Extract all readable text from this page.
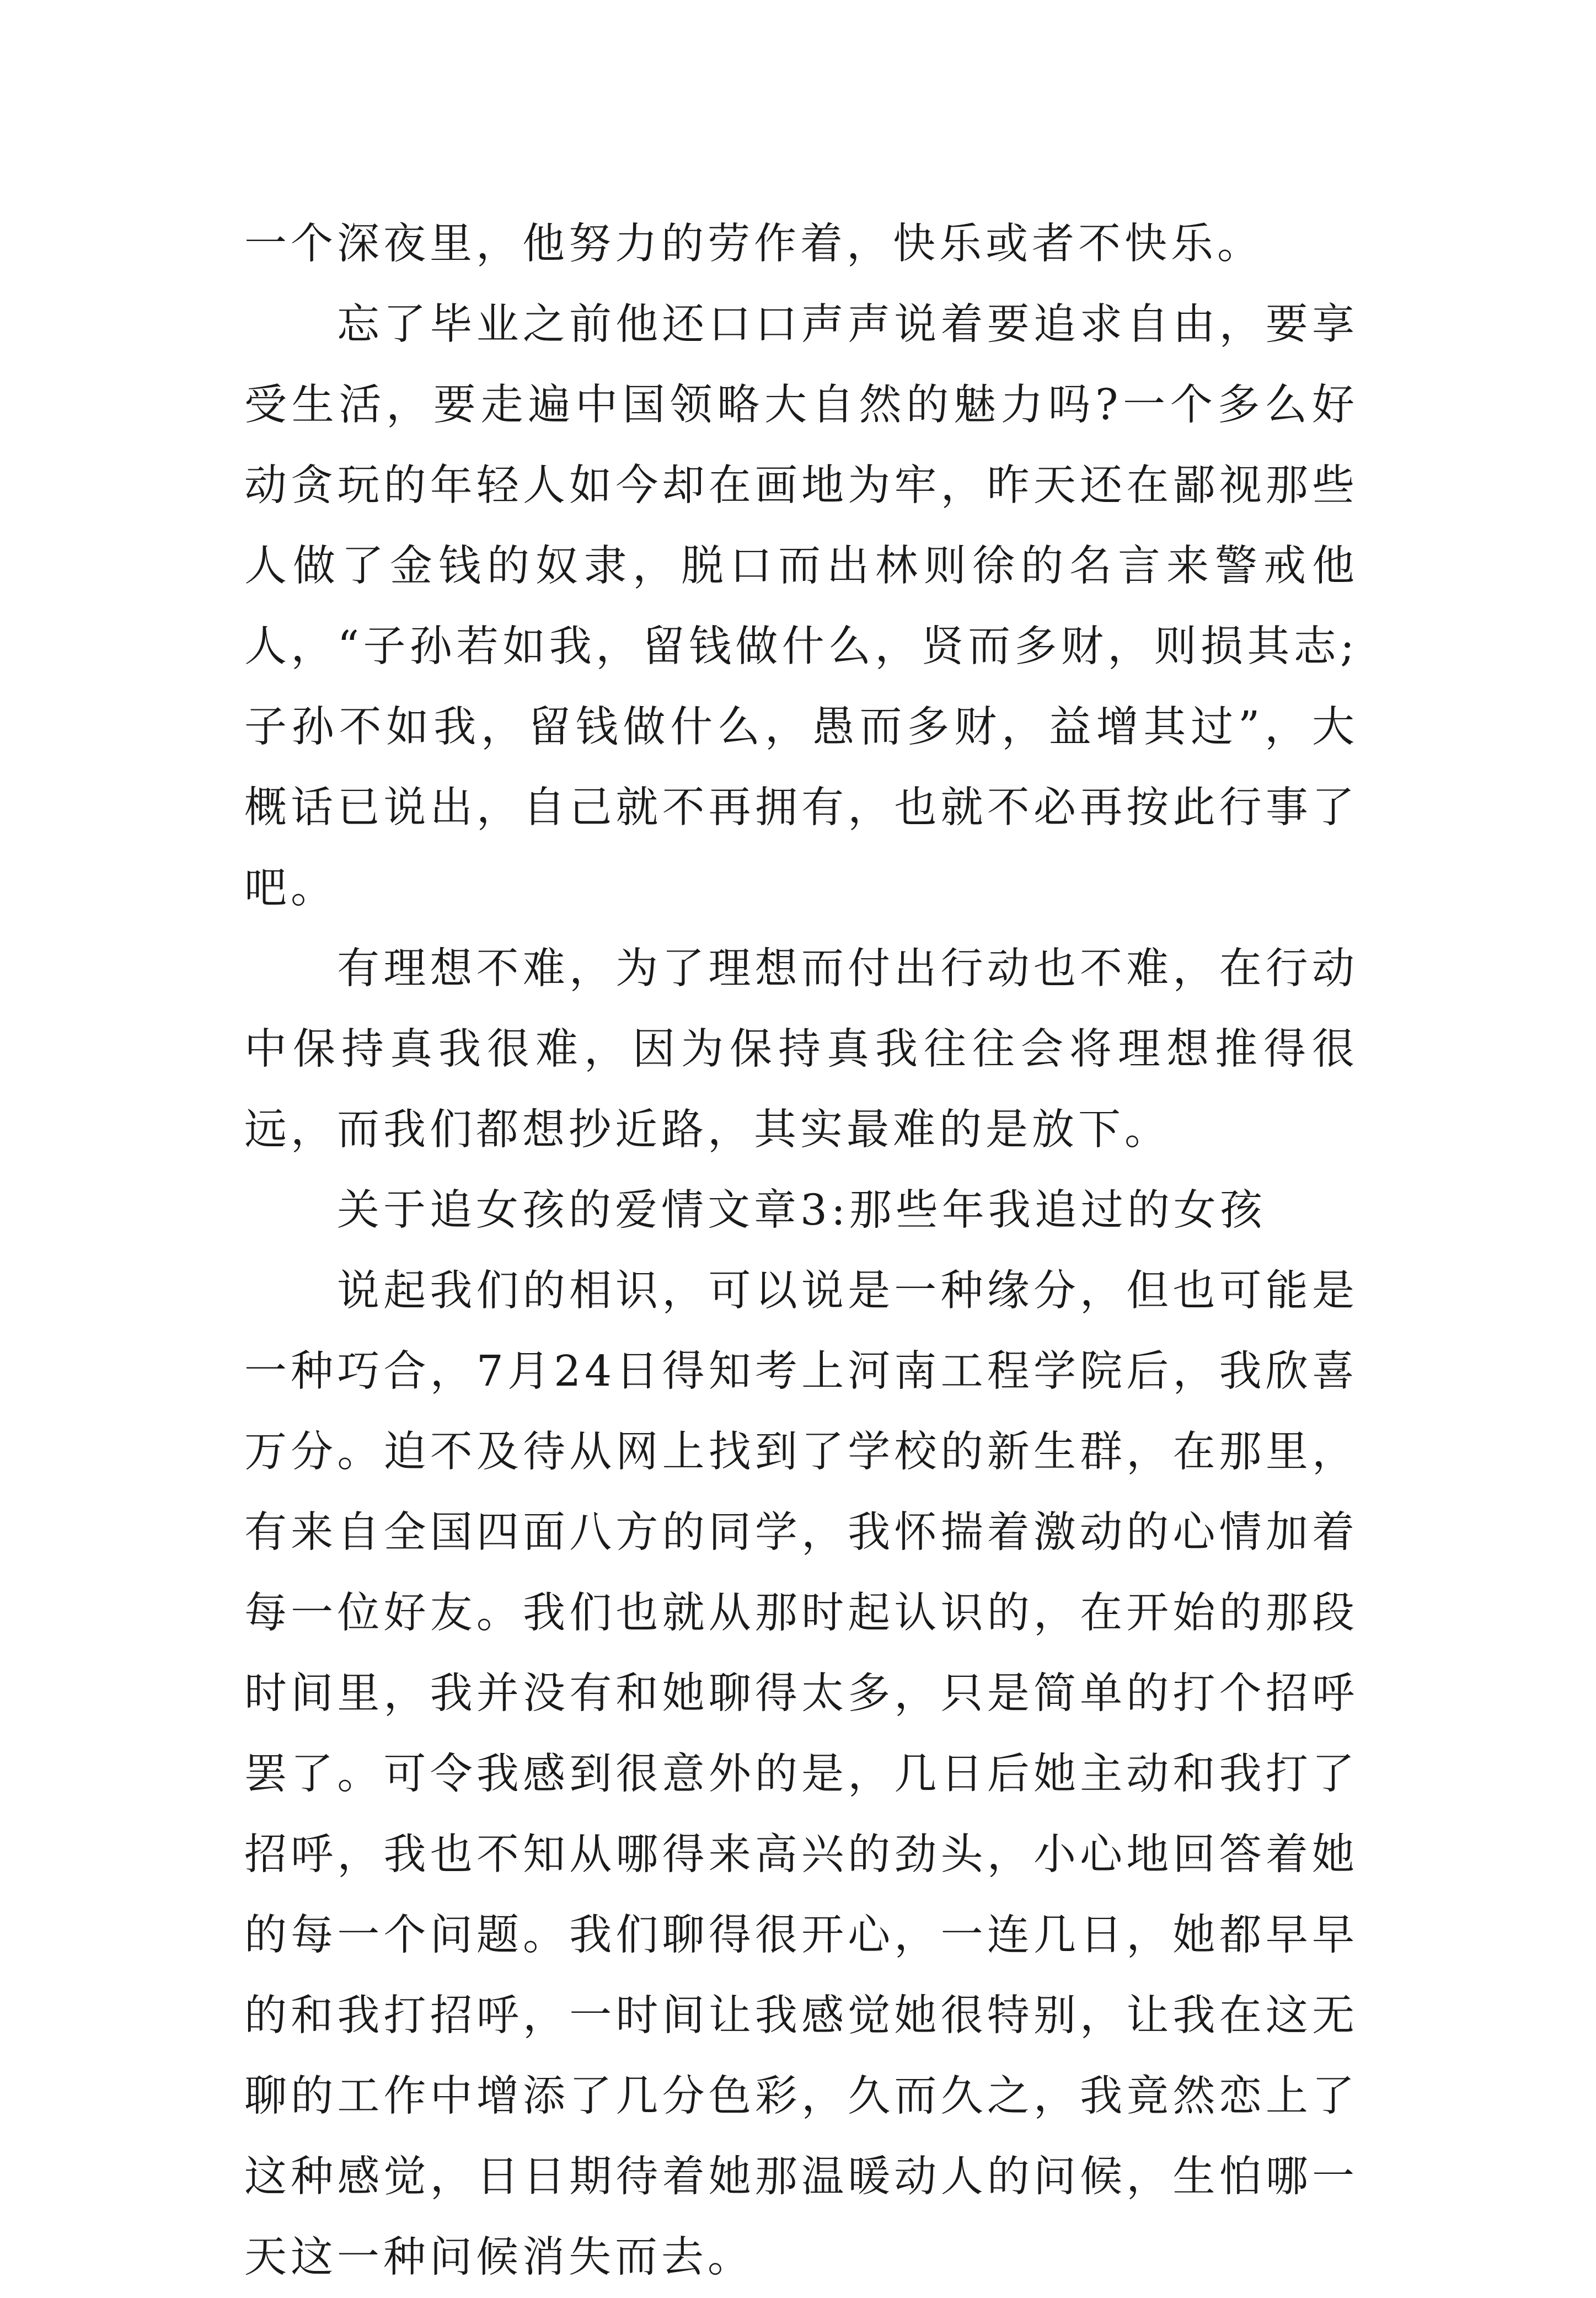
一个深夜里，他努力的劳作着，快乐或者不快乐。

忘了毕业之前他还口口声声说着要追求自由，要享受生活，要走遍中国领略大自然的魅力吗?一个多么好动贪玩的年轻人如今却在画地为牢，昨天还在鄙视那些人做了金钱的奴隶，脱口而出林则徐的名言来警戒他人，“子孙若如我，留钱做什么，贤而多财，则损其志;子孙不如我，留钱做什么，愚而多财，益增其过”，大概话已说出，自己就不再拥有，也就不必再按此行事了吧。

有理想不难，为了理想而付出行动也不难，在行动中保持真我很难，因为保持真我往往会将理想推得很远，而我们都想抄近路，其实最难的是放下。

关于追女孩的爱情文章3:那些年我追过的女孩

说起我们的相识，可以说是一种缘分，但也可能是一种巧合，7月24日得知考上河南工程学院后，我欣喜万分。迫不及待从网上找到了学校的新生群，在那里，有来自全国四面八方的同学，我怀揣着激动的心情加着每一位好友。我们也就从那时起认识的，在开始的那段时间里，我并没有和她聊得太多，只是简单的打个招呼罢了。可令我感到很意外的是，几日后她主动和我打了招呼，我也不知从哪得来高兴的劲头，小心地回答着她的每一个问题。我们聊得很开心，一连几日，她都早早的和我打招呼，一时间让我感觉她很特别，让我在这无聊的工作中增添了几分色彩，久而久之，我竟然恋上了这种感觉，日日期待着她那温暖动人的问候，生怕哪一天这一种问候消失而去。
